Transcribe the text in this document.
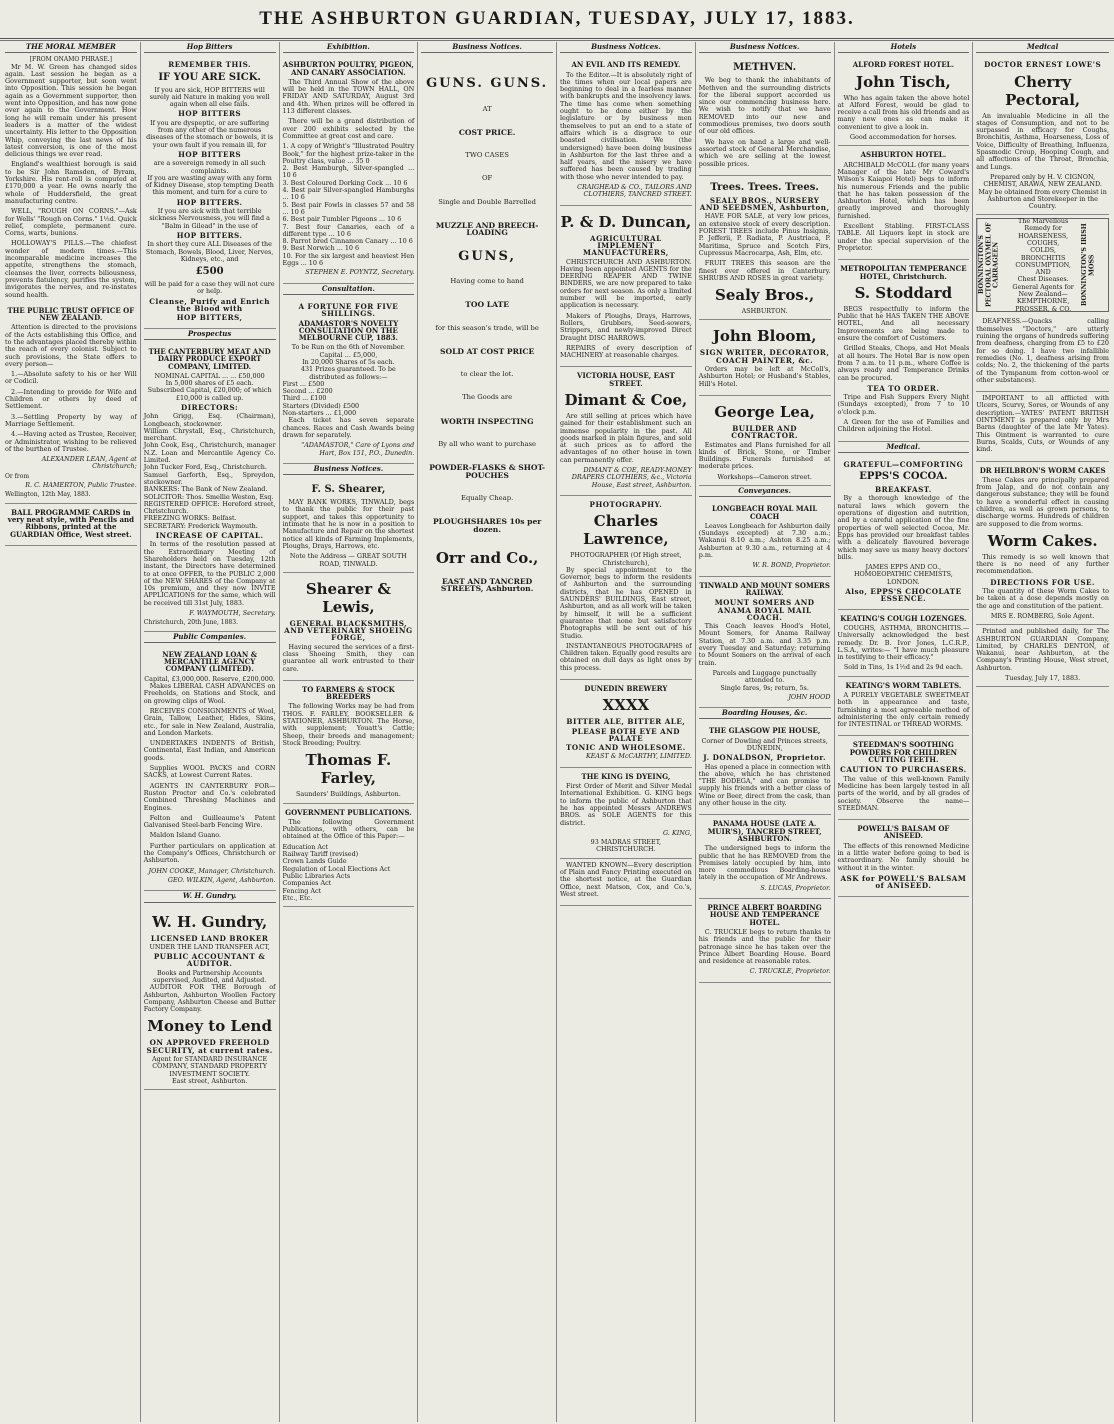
THE ASHBURTON GUARDIAN, TUESDAY, JULY 17, 1883.
THE MORAL MEMBER
[FROM ONAMO PHRASE.]

Mr M. W. Green has changed sides again. Last session he began as a Government supporter, but soon went into Opposition. This session he began again as a Government supporter, then went into Opposition, and has now gone over again to the Government. How long he will remain under his present leaders is a matter of the widest uncertainty. His letter to the Opposition Whip, conveying the last news of his latest conversion, is one of the most delicious things we ever read.

England's wealthiest borough is said to be Sir John Ramsden, of Byram, Yorkshire. His rent-roll is computed at £170,000 a year. He owns nearly the whole of Huddersfield, the great manufacturing centre.

WELL, "ROUGH ON CORNS."—Ask for Wells' "Rough on Corns." 1½d. Quick relief, complete, permanent cure. Corns, warts, bunions.

HOLLOWAY'S PILLS.—The chiefest wonder of modern times.—This incomparable medicine increases the appetite, strengthens the stomach, cleanses the liver, corrects biliousness, prevents flatulency, purifies the system, invigorates the nerves, and re-instates sound health.

THE PUBLIC TRUST OFFICE OF NEW ZEALAND.

Attention is directed to the provisions of the Acts establishing this Office, and to the advantages placed thereby within the reach of every colonist. Subject to such provisions, the State offers to every person—

1.—Absolute safety to his or her Will or Codicil.

2.—Intending to provide for Wife and Children or others by deed of Settlement.

3.—Settling Property by way of Marriage Settlement.

4.—Having acted as Trustee, Receiver, or Administrator, wishing to be relieved of the burthen of Trustee.

ALEXANDER LEAN, Agent at Christchurch;
Or from
R. C. HAMERTON, Public Trustee.
Wellington, 12th May, 1883.
BALL PROGRAMME CARDS in very neat style, with Pencils and Ribbons, printed at the GUARDIAN Office, West street.
Hop Bitters
REMEMBER THIS.
IF YOU ARE SICK.
If you are sick, HOP BITTERS will surely aid Nature in making you well again when all else fails.
HOP BITTERS
If you are dyspeptic, or are suffering from any other of the numerous diseases of the stomach or bowels, it is your own fault if you remain ill, for
HOP BITTERS
are a sovereign remedy in all such complaints.
If you are wasting away with any form of Kidney Disease, stop tempting Death this moment, and turn for a cure to
HOP BITTERS.
If you are sick with that terrible sickness Nervousness, you will find a "Balm in Gilead" in the use of
HOP BITTERS.
In short they cure ALL Diseases of the Stomach, Bowels, Blood, Liver, Nerves, Kidneys, etc., and
£500
will be paid for a case they will not cure or help.
Cleanse, Purify and Enrich the Blood with
HOP BITTERS,
Prospectus
THE CANTERBURY MEAT AND DAIRY PRODUCE EXPORT COMPANY, LIMITED.
NOMINAL CAPITAL ... ... £50,000
In 5,000 shares of £5 each.
Subscribed Capital, £20,000; of which £10,000 is called up.
DIRECTORS:
John Grigg, Esq. (Chairman), Longbeach, stockowner.
William Chrystall, Esq., Christchurch, merchant.
John Cook, Esq., Christchurch, manager N.Z. Loan and Mercantile Agency Co. Limited.
John Tucker Ford, Esq., Christchurch.
Samuel Garforth, Esq., Spreydon, stockowner.
BANKERS: The Bank of New Zealand.
SOLICITOR: Thos. Smellie Weston, Esq.
REGISTERED OFFICE: Hereford street, Christchurch.
FREEZING WORKS: Belfast.
SECRETARY: Frederick Waymouth.
INCREASE OF CAPITAL.

In terms of the resolution passed at the Extraordinary Meeting of Shareholders held on Tuesday, 12th instant, the Directors have determined to at once OFFER, to the PUBLIC 2,000 of the NEW SHARES of the Company at 10s premium, and they now INVITE APPLICATIONS for the same, which will be received till 31st July, 1883.

F. WAYMOUTH, Secretary.
Christchurch, 20th June, 1883.
Public Companies.
NEW ZEALAND LOAN & MERCANTILE AGENCY COMPANY (LIMITED).
Capital, £3,000,000. Reserve, £200,000.

Makes LIBERAL CASH ADVANCES on Freeholds, on Stations and Stock, and on growing clips of Wool.

RECEIVES CONSIGNMENTS of Wool, Grain, Tallow, Leather, Hides, Skins, etc., for sale in New Zealand, Australia, and London Markets.

UNDERTAKES INDENTS of British, Continental, East Indian, and American goods.

Supplies WOOL PACKS and CORN SACKS, at Lowest Current Rates.

AGENTS IN CANTERBURY FOR— Ruston Proctor and Co.'s celebrated Combined Threshing Machines and Engines.

Felton and Guilleaume's Patent Galvanised Steel-barb Fencing Wire.

Maldon Island Guano.

Further particulars on application at the Company's Offices, Christchurch or Ashburton.

JOHN COOKE, Manager, Christchurch.
GEO. WILKIN, Agent, Ashburton.
W. H. Gundry.
W. H. Gundry,
LICENSED LAND BROKER
UNDER THE LAND TRANSFER ACT,
PUBLIC ACCOUNTANT & AUDITOR.
Books and Partnership Accounts supervised, Audited, and Adjusted.

AUDITOR FOR THE Borough of Ashburton, Ashburton Woollen Factory Company, Ashburton Cheese and Butter Factory Company.

Money to Lend
ON APPROVED FREEHOLD SECURITY, at current rates.
Agent for STANDARD INSURANCE COMPANY, STANDARD PROPERTY INVESTMENT SOCIETY.
East street, Ashburton.
Exhibition.
ASHBURTON POULTRY, PIGEON, AND CANARY ASSOCIATION.

The Third Annual Show of the above will be held in the TOWN HALL, ON FRIDAY AND SATURDAY, August 3rd and 4th. When prizes will be offered in 113 different classes.

There will be a grand distribution of over 200 exhibits selected by the Committee at great cost and care.

1. A copy of Wright's "Illustrated Poultry Book," for the highest prize-taker in the Poultry class, value ... 35 0
2. Best Hamburgh, Silver-spangled ... 10 6
3. Best Coloured Dorking Cock ... 10 6
4. Best pair Silver-spangled Hamburghs ... 10 6
5. Best pair Fowls in classes 57 and 58 ... 10 6
6. Best pair Tumbler Pigeons ... 10 6
7. Best four Canaries, each of a different type ... 10 6
8. Parrot bred Cinnamon Canary ... 10 6
9. Best Norwich ... 10 6
10. For the six largest and heaviest Hen Eggs ... 10 6
STEPHEN E. POYNTZ, Secretary.
Consultation.
A FORTUNE FOR FIVE SHILLINGS.
ADAMASTOR'S NOVELTY CONSULTATION ON THE MELBOURNE CUP, 1883.
To be Run on the 6th of November.
Capital ... £5,000,
In 20,000 Shares of 5s each.
431 Prizes guaranteed. To be distributed as follows:—
First ... £500
Second ... £200
Third ... £100
Starters (Divided) £500
Non-starters ... £1,000

Each ticket has seven separate chances. Races and Cash Awards being drawn for separately.

"ADAMASTOR," Care of Lyons and Hart, Box 151, P.O., Dunedin.
Business Notices.
F. S. Shearer,

MAY BANK WORKS, TINWALD, begs to thank the public for their past support, and takes this opportunity to intimate that he is now in a position to Manufacture and Repair on the shortest notice all kinds of Farming Implements, Ploughs, Drays, Harrows, etc.

Note the Address — GREAT SOUTH ROAD, TINWALD.
Shearer & Lewis,
GENERAL BLACKSMITHS, AND VETERINARY SHOEING FORGE,

Having secured the services of a first-class Shoeing Smith, they can guarantee all work entrusted to their care.

TO FARMERS & STOCK BREEDERS

The following Works may be had from THOS. F. FARLEY, BOOKSELLER & STATIONER, ASHBURTON. The Horse, with supplement; Youatt's Cattle; Sheep, their breeds and management; Stock Breeding; Poultry.

Thomas F. Farley,
Saunders' Buildings, Ashburton.
GOVERNMENT PUBLICATIONS.

The following Government Publications, with others, can be obtained at the Office of this Paper:—

Education Act
Railway Tariff (revised)
Crown Lands Guide
Regulation of Local Elections Act
Public Libraries Acts
Companies Act
Fencing Act
Etc., Etc.
Business Notices.
GUNS. GUNS.
AT
COST PRICE.
TWO CASES
OF
Single and Double Barrelled
MUZZLE AND BREECH-LOADING
GUNS,
Having come to hand
TOO LATE
for this season's trade, will be
SOLD AT COST PRICE
to clear the lot.
The Goods are
WORTH INSPECTING
By all who want to purchase
POWDER-FLASKS & SHOT-POUCHES
Equally Cheap.
PLOUGHSHARES 10s per dozen.
Orr and Co.,
EAST AND TANCRED STREETS, Ashburton.
Business Notices.
AN EVIL AND ITS REMEDY.

To the Editor.—It is absolutely right of the times when our local papers are beginning to deal in a fearless manner with bankrupts and the insolvency laws. The time has come when something ought to be done either by the legislature or by business men themselves to put an end to a state of affairs which is a disgrace to our boasted civilisation. We (the undersigned) have been doing business in Ashburton for the last three and a half years, and the misery we have suffered has been caused by trading with those who never intended to pay.

CRAIGHEAD & CO., TAILORS AND CLOTHIERS, TANCRED STREET.
P. & D. Duncan,
AGRICULTURAL IMPLEMENT MANUFACTURERS,

CHRISTCHURCH AND ASHBURTON. Having been appointed AGENTS for the DEERING REAPER AND TWINE BINDERS, we are now prepared to take orders for next season. As only a limited number will be imported, early application is necessary.

Makers of Ploughs, Drays, Harrows, Rollers, Grubbers, Seed-sowers, Strippers, and newly-improved Direct Draught DISC HARROWS.

REPAIRS of every description of MACHINERY at reasonable charges.

VICTORIA HOUSE, EAST STREET.
Dimant & Coe,

Are still selling at prices which have gained for their establishment such an immense popularity in the past. All goods marked in plain figures, and sold at such prices as to afford the advantages of no other house in town can permanently offer.

DIMANT & COE, READY-MONEY DRAPERS CLOTHIERS, &c., Victoria House, East street, Ashburton.
PHOTOGRAPHY.
Charles Lawrence,
PHOTOGRAPHER (Of High street, Christchurch),

By special appointment to the Governor, begs to inform the residents of Ashburton and the surrounding districts, that he has OPENED in SAUNDERS' BUILDINGS, East street, Ashburton, and as all work will be taken by himself, it will be a sufficient guarantee that none but satisfactory Photographs will be sent out of his Studio.

INSTANTANEOUS PHOTOGRAPHS of Children taken. Equally good results are obtained on dull days as light ones by this process.

DUNEDIN BREWERY
XXXX
BITTER ALE, BITTER ALE,
PLEASE BOTH EYE AND PALATE
TONIC AND WHOLESOME.
KEAST & McCARTHY, LIMITED.
THE KING IS DYEING,

First Order of Merit and Silver Medal International Exhibition. G. KING begs to inform the public of Ashburton that he has appointed Messrs ANDREWS BROS. as SOLE AGENTS for this district.

G. KING,
93 MADRAS STREET, CHRISTCHURCH.

WANTED KNOWN—Every description of Plain and Fancy Printing executed on the shortest notice, at the Guardian Office, next Matson, Cox, and Co.'s, West street.

Business Notices.
METHVEN.

We beg to thank the inhabitants of Methven and the surrounding districts for the liberal support accorded us since our commencing business here. We wish to notify that we have REMOVED into our new and commodious premises, two doors south of our old offices.

We have on hand a large and well-assorted stock of General Merchandise, which we are selling at the lowest possible prices.

Trees. Trees. Trees.
SEALY BROS., NURSERY AND SEEDSMEN, Ashburton,

HAVE FOR SALE, at very low prices, an extensive stock of every description. FOREST TREES include Pinus Insignis, P. Jefferii, P. Radiata, P. Austriaca, P. Maritima, Spruce and Scotch Firs, Cupressus Macrocarpa, Ash, Elm, etc.

FRUIT TREES this season are the finest ever offered in Canterbury. SHRUBS AND ROSES in great variety.

Sealy Bros.,
ASHBURTON.
John Bloom,
SIGN WRITER, DECORATOR, COACH PAINTER, &c.

Orders may be left at McColl's, Ashburton Hotel; or Husband's Stables, Hill's Hotel.

George Lea,
BUILDER AND CONTRACTOR.

Estimates and Plans furnished for all kinds of Brick, Stone, or Timber Buildings. Funerals furnished at moderate prices.

Workshops—Cameron street.
Conveyances.
LONGBEACH ROYAL MAIL COACH

Leaves Longbeach for Ashburton daily (Sundays excepted) at 7.30 a.m.; Wakanui 8.10 a.m.; Ashton 8.25 a.m.; Ashburton at 9.30 a.m., returning at 4 p.m.

W. R. BOND, Proprietor.
TINWALD AND MOUNT SOMERS RAILWAY.
MOUNT SOMERS AND ANAMA ROYAL MAIL COACH.

This Coach leaves Hood's Hotel, Mount Somers, for Anama Railway Station, at 7.30 a.m. and 3.35 p.m. every Tuesday and Saturday; returning to Mount Somers on the arrival of each train.

Parcels and Luggage punctually attended to.
Single fares, 9s; return, 5s.
JOHN HOOD
Boarding Houses, &c.
THE GLASGOW PIE HOUSE,
Corner of Dowling and Princes streets, DUNEDIN,
J. DONALDSON, Proprietor.

Has opened a place in connection with the above, which he has christened "THE BODEGA," and can promise to supply his friends with a better class of Wine or Beer, direct from the cask, than any other house in the city.

PANAMA HOUSE (LATE A. MUIR'S), TANCRED STREET, ASHBURTON.

The undersigned begs to inform the public that he has REMOVED from the Premises lately occupied by him, into more commodious Boarding-house lately in the occupation of Mr Andrews.

S. LUCAS, Proprietor.
PRINCE ALBERT BOARDING HOUSE AND TEMPERANCE HOTEL.

C. TRUCKLE begs to return thanks to his friends and the public for their patronage since he has taken over the Prince Albert Boarding House. Board and residence at reasonable rates.

C. TRUCKLE, Proprietor.
Hotels
ALFORD FOREST HOTEL.
John Tisch,

Who has again taken the above hotel at Alford Forest, would be glad to receive a call from his old friends and as many new ones as can make it convenient to give a look in.

Good accommodation for horses.
ASHBURTON HOTEL.

ARCHIBALD McCOLL (for many years Manager of the late Mr Coward's Wilson's Kaiapoi Hotel) begs to inform his numerous Friends and the public that he has taken possession of the Ashburton Hotel, which has been greatly improved and thoroughly furnished.

Excellent Stabling. FIRST-CLASS TABLE. All Liquors kept in stock are under the special supervision of the Proprietor.

METROPOLITAN TEMPERANCE HOTEL, Christchurch.
S. Stoddard

BEGS respectfully to inform the Public that he HAS TAKEN THE ABOVE HOTEL, And all necessary Improvements are being made to ensure the comfort of Customers.

Grilled Steaks, Chops, and Hot Meals at all hours. The Hotel Bar is now open from 7 a.m. to 11 p.m., where Coffee is always ready and Temperance Drinks can be procured.

TEA TO ORDER.

Tripe and Fish Suppers Every Night (Sundays excepted), from 7 to 10 o'clock p.m.

A Green for the use of Families and Children adjoining the Hotel.

Medical.
GRATEFUL—COMFORTING
EPPS'S COCOA.
BREAKFAST.

By a thorough knowledge of the natural laws which govern the operations of digestion and nutrition, and by a careful application of the fine properties of well selected Cocoa, Mr. Epps has provided our breakfast tables with a delicately flavoured beverage which may save us many heavy doctors' bills.

JAMES EPPS AND CO., HOMOEOPATHIC CHEMISTS, LONDON.
Also, EPPS'S CHOCOLATE ESSENCE.
KEATING'S COUGH LOZENGES.

COUGHS, ASTHMA, BRONCHITIS.— Universally acknowledged the best remedy. Dr. B. Ivor Jones, L.C.R.P., L.S.A., writes:— "I have much pleasure in testifying to their efficacy."

Sold in Tins, 1s 1½d and 2s 9d each.
KEATING'S WORM TABLETS.

A PURELY VEGETABLE SWEETMEAT both in appearance and taste, furnishing a most agreeable method of administering the only certain remedy for INTESTINAL or THREAD WORMS.

STEEDMAN'S SOOTHING POWDERS FOR CHILDREN CUTTING TEETH.
CAUTION TO PURCHASERS.

The value of this well-known Family Medicine has been largely tested in all parts of the world, and by all grades of society. Observe the name—STEEDMAN.

POWELL'S BALSAM OF ANISEED.

The effects of this renowned Medicine in a little water before going to bed is extraordinary. No family should be without it in the winter.

ASK for POWELL'S BALSAM of ANISEED.
Medical
DOCTOR ERNEST LOWE'S
Cherry Pectoral,

An invaluable Medicine in all the stages of Consumption, and not to be surpassed in efficacy for Coughs, Bronchitis, Asthma, Hoarseness, Loss of Voice, Difficulty of Breathing, Influenza, Spasmodic Croup, Hooping Cough, and all affections of the Throat, Bronchia, and Lungs.

Prepared only by H. V. CIGNON, CHEMIST, ARAWA, NEW ZEALAND.
May be obtained from every Chemist in Ashburton and Storekeeper in the Country.
BONNINGTON'S PECTORAL OXYMEL OF CARRAGEEN
The Marvellous Remedy for
HOARSENESS,
COUGHS,
COLDS,
BRONCHITIS
CONSUMPTION,
AND
Chest Diseases.
General Agents for New Zealand—
KEMPTHORNE, PROSSER, & CO.
BONNINGTON'S IRISH MOSS

DEAFNESS.—Quacks calling themselves "Doctors," are utterly ruining the organs of hundreds suffering from deafness, charging from £5 to £20 for so doing. I have two infallible remedies (No. 1, deafness arising from colds; No. 2, the thickening of the parts of the Tympanum from cotton-wool or other substances).

IMPORTANT to all afflicted with Ulcers, Scurvy, Sores, or Wounds of any description.—YATES' PATENT BRITISH OINTMENT is prepared only by Mrs Barns (daughter of the late Mr Yates). This Ointment is warranted to cure Burns, Scalds, Cuts, or Wounds of any kind.

DR HEILBRON'S WORM CAKES

These Cakes are principally prepared from Jalap, and do not contain any dangerous substance; they will be found to have a wonderful effect in causing children, as well as grown persons, to discharge worms. Hundreds of children are supposed to die from worms.

Worm Cakes.

This remedy is so well known that there is no need of any further recommendation.

DIRECTIONS FOR USE.

The quantity of these Worm Cakes to be taken at a dose depends mostly on the age and constitution of the patient.

MRS E. ROMBERG, Sole Agent.

Printed and published daily, for The ASHBURTON GUARDIAN Company, Limited, by CHARLES DENTON, of Wakanui, near Ashburton, at the Company's Printing House, West street, Ashburton.

Tuesday, July 17, 1883.
